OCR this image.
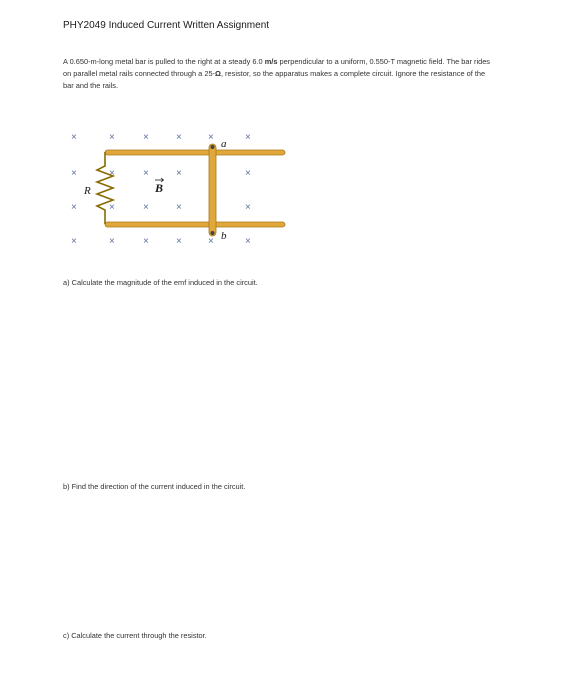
PHY2049 Induced Current Written Assignment
A 0.650-m-long metal bar is pulled to the right at a steady 6.0 m/s perpendicular to a uniform, 0.550-T magnetic field. The bar rides on parallel metal rails connected through a 25-Ω, resistor, so the apparatus makes a complete circuit. Ignore the resistance of the bar and the rails.
×	×	×	×	×	×
×	×	×	×	×
×	×	×	×	×
×	×	×	×	×	×
R	B
a
b
a) Calculate the magnitude of the emf induced in the circuit.
b) Find the direction of the current induced in the circuit.
c) Calculate the current through the resistor.
